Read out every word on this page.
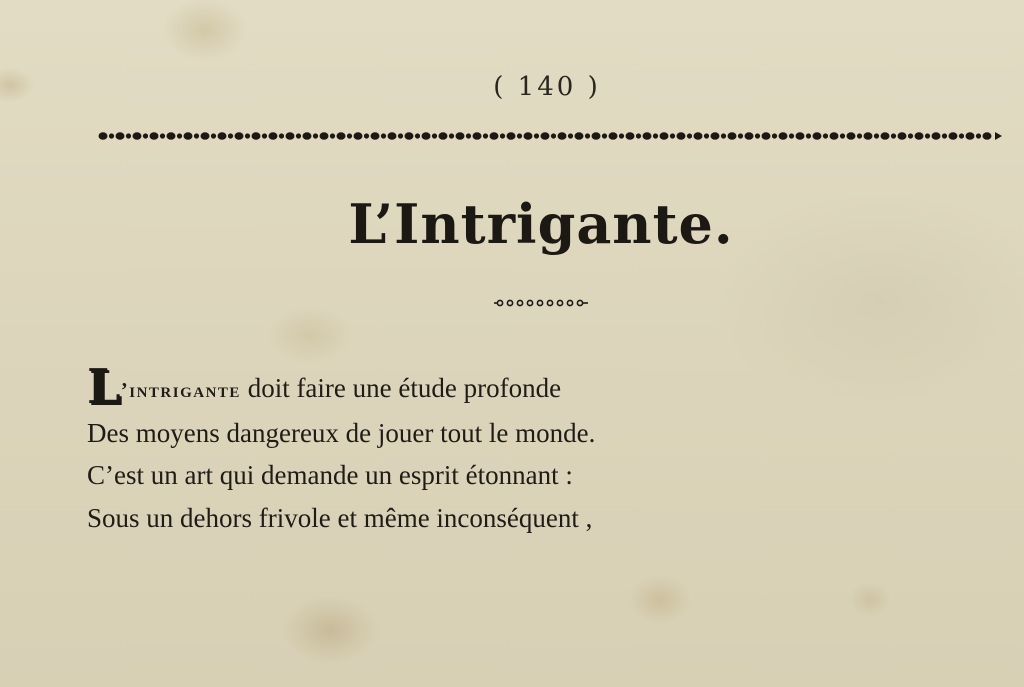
( 140 )
L’Intrigante.
L’intrigante doit faire une étude profonde
Des moyens dangereux de jouer tout le monde.
C’est un art qui demande un esprit étonnant :
Sous un dehors frivole et même inconséquent ,
